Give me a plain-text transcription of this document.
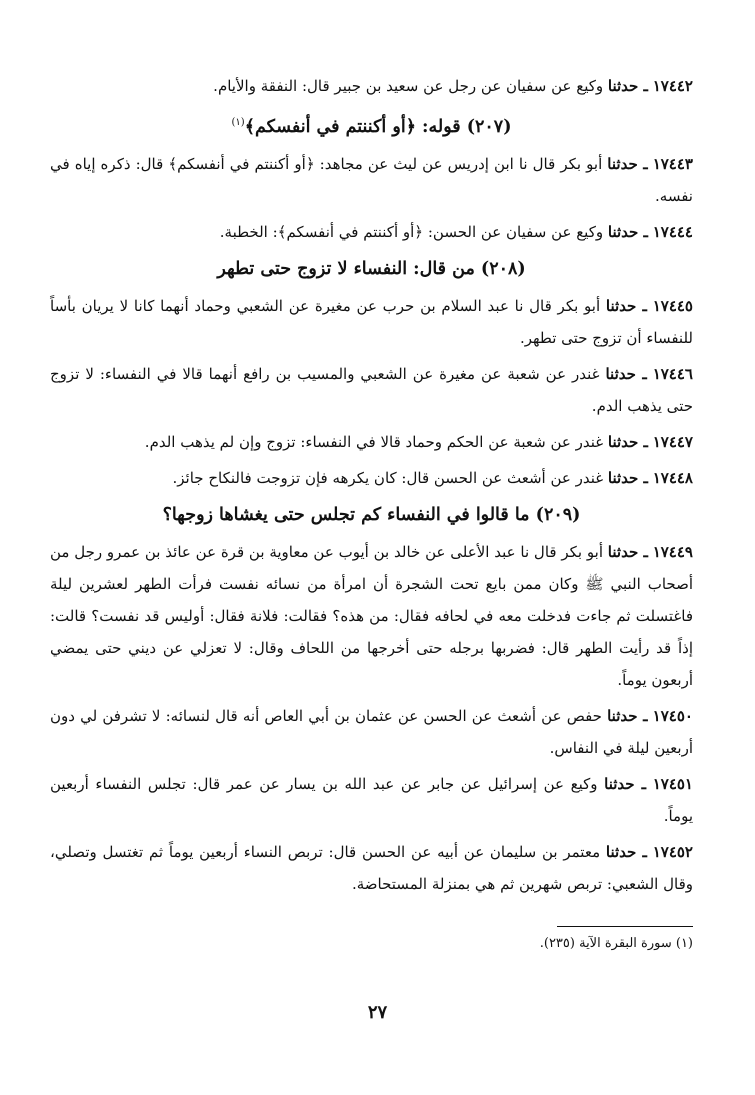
١٧٤٤٢ ـ حدثنا وكيع عن سفيان عن رجل عن سعيد بن جبير قال: النفقة والأيام.

(٢٠٧) قوله: ﴿أو أكننتم في أنفسكم﴾$^{(١)}$

١٧٤٤٣ ـ حدثنا أبو بكر قال نا ابن إدريس عن ليث عن مجاهد: ﴿أو أكننتم في أنفسكم﴾ قال: ذكره إياه في نفسه.

١٧٤٤٤ ـ حدثنا وكيع عن سفيان عن الحسن: ﴿أو أكننتم في أنفسكم﴾: الخطبة.

(٢٠٨) من قال: النفساء لا تزوج حتى تطهر

١٧٤٤٥ ـ حدثنا أبو بكر قال نا عبد السلام بن حرب عن مغيرة عن الشعبي وحماد أنهما كانا لا يريان بأساً للنفساء أن تزوج حتى تطهر.

١٧٤٤٦ ـ حدثنا غندر عن شعبة عن مغيرة عن الشعبي والمسيب بن رافع أنهما قالا في النفساء: لا تزوج حتى يذهب الدم.

١٧٤٤٧ ـ حدثنا غندر عن شعبة عن الحكم وحماد قالا في النفساء: تزوج وإن لم يذهب الدم.

١٧٤٤٨ ـ حدثنا غندر عن أشعث عن الحسن قال: كان يكرهه فإن تزوجت فالنكاح جائز.

(٢٠٩) ما قالوا في النفساء كم تجلس حتى يغشاها زوجها؟

١٧٤٤٩ ـ حدثنا أبو بكر قال نا عبد الأعلى عن خالد بن أيوب عن معاوية بن قرة عن عائذ بن عمرو رجل من أصحاب النبي ﷺ وكان ممن بايع تحت الشجرة أن امرأة من نسائه نفست فرأت الطهر لعشرين ليلة فاغتسلت ثم جاءت فدخلت معه في لحافه فقال: من هذه؟ فقالت: فلانة فقال: أوليس قد نفست؟ قالت: إذاً قد رأيت الطهر قال: فضربها برجله حتى أخرجها من اللحاف وقال: لا تعزلي عن ديني حتى يمضي أربعون يوماً.

١٧٤٥٠ ـ حدثنا حفص عن أشعث عن الحسن عن عثمان بن أبي العاص أنه قال لنسائه: لا تشرفن لي دون أربعين ليلة في النفاس.

١٧٤٥١ ـ حدثنا وكيع عن إسرائيل عن جابر عن عبد الله بن يسار عن عمر قال: تجلس النفساء أربعين يوماً.

١٧٤٥٢ ـ حدثنا معتمر بن سليمان عن أبيه عن الحسن قال: تربص النساء أربعين يوماً ثم تغتسل وتصلي، وقال الشعبي: تربص شهرين ثم هي بمنزلة المستحاضة.

(١) سورة البقرة الآية (٢٣٥).

٢٧
